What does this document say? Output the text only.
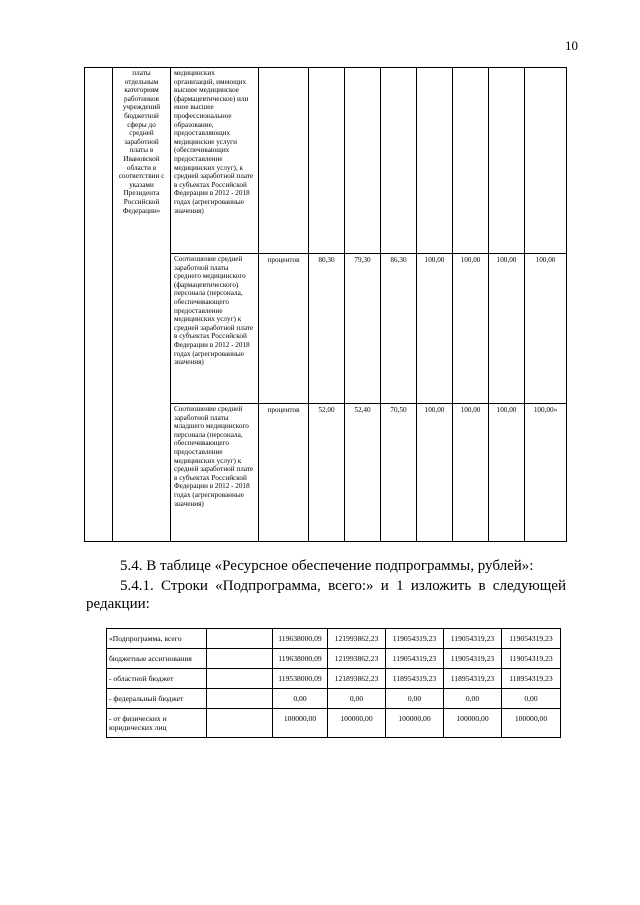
10
	платы отдельным категориям работников учреждений бюджетной сферы до средней заработной платы в Ивановской области в соответствии с указами Президента Российской Федерации»	медицинских организаций, имеющих высшее медицинское (фармацевтическое) или иное высшее профессиональное образование, предоставляющих медицинские услуги (обеспечивающих предоставление медицинских услуг), к средней заработной плате в субъектах Российской Федерации в 2012 - 2018 годах (агрегированные значения)								
		Соотношение средней заработной платы среднего медицинского (фармацевтического) персонала (персонала, обеспечивающего предоставление медицинских услуг) к средней заработной плате в субъектах Российской Федерации в 2012 - 2018 годах (агрегированные значения)	процентов	80,30	79,30	86,30	100,00	100,00	100,00	100,00
		Соотношение средней заработной платы младшего медицинского персонала (персонала, обеспечивающего предоставление медицинских услуг) к средней заработной плате в субъектах Российской Федерации в 2012 - 2018 годах (агрегированные значения)	процентов	52,00	52,40	70,50	100,00	100,00	100,00	100,00»
5.4. В таблице «Ресурсное обеспечение подпрограммы, рублей»:
5.4.1. Строки «Подпрограмма, всего:» и 1 изложить в следующей редакции:
«Подпрограмма, всего		119638000,09	121993862,23	119054319,23	119054319,23	119054319,23
бюджетные ассигнования		119638000,09	121993862,23	119054319,23	119054319,23	119054319,23
- областной бюджет		119538000,09	121893862,23	118954319,23	118954319,23	118954319,23
- федеральный бюджет		0,00	0,00	0,00	0,00	0,00
- от физических и юридических лиц		100000,00	100000,00	100000,00	100000,00	100000,00
